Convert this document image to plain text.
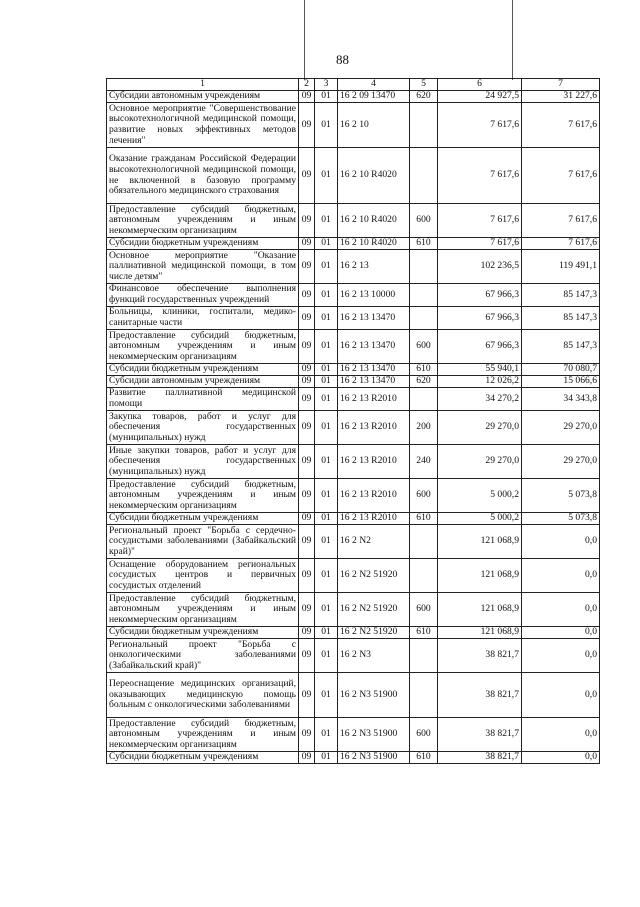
88
1	2	3	4	5	6	7
Субсидии автономным учреждениям	09	01	16 2 09 13470	620	24 927,5	31 227,6
Основное мероприятие "Совершенствование высокотехнологичной медицинской помощи, развитие новых эффективных методов лечения"	09	01	16 2 10		7 617,6	7 617,6
Оказание гражданам Российской Федерации высокотехнологичной медицинской помощи, не включенной в базовую программу обязательного медицинского страхования	09	01	16 2 10 R4020		7 617,6	7 617,6
Предоставление субсидий бюджетным, автономным учреждениям и иным некоммерческим организациям	09	01	16 2 10 R4020	600	7 617,6	7 617,6
Субсидии бюджетным учреждениям	09	01	16 2 10 R4020	610	7 617,6	7 617,6
Основное мероприятие "Оказание паллиативной медицинской помощи, в том числе детям"	09	01	16 2 13		102 236,5	119 491,1
Финансовое обеспечение выполнения функций государственных учреждений	09	01	16 2 13 10000		67 966,3	85 147,3
Больницы, клиники, госпитали, медико-санитарные части	09	01	16 2 13 13470		67 966,3	85 147,3
Предоставление субсидий бюджетным, автономным учреждениям и иным некоммерческим организациям	09	01	16 2 13 13470	600	67 966,3	85 147,3
Субсидии бюджетным учреждениям	09	01	16 2 13 13470	610	55 940,1	70 080,7
Субсидии автономным учреждениям	09	01	16 2 13 13470	620	12 026,2	15 066,6
Развитие паллиативной медицинской помощи	09	01	16 2 13 R2010		34 270,2	34 343,8
Закупка товаров, работ и услуг для обеспечения государственных (муниципальных) нужд	09	01	16 2 13 R2010	200	29 270,0	29 270,0
Иные закупки товаров, работ и услуг для обеспечения государственных (муниципальных) нужд	09	01	16 2 13 R2010	240	29 270,0	29 270,0
Предоставление субсидий бюджетным, автономным учреждениям и иным некоммерческим организациям	09	01	16 2 13 R2010	600	5 000,2	5 073,8
Субсидии бюджетным учреждениям	09	01	16 2 13 R2010	610	5 000,2	5 073,8
Региональный проект "Борьба с сердечно-сосудистыми заболеваниями (Забайкальский край)"	09	01	16 2 N2		121 068,9	0,0
Оснащение оборудованием региональных сосудистых центров и первичных сосудистых отделений	09	01	16 2 N2 51920		121 068,9	0,0
Предоставление субсидий бюджетным, автономным учреждениям и иным некоммерческим организациям	09	01	16 2 N2 51920	600	121 068,9	0,0
Субсидии бюджетным учреждениям	09	01	16 2 N2 51920	610	121 068,9	0,0
Региональный проект "Борьба с онкологическими заболеваниями (Забайкальский край)"	09	01	16 2 N3		38 821,7	0,0
Переоснащение медицинских организаций, оказывающих медицинскую помощь больным с онкологическими заболеваниями	09	01	16 2 N3 51900		38 821,7	0,0
Предоставление субсидий бюджетным, автономным учреждениям и иным некоммерческим организациям	09	01	16 2 N3 51900	600	38 821,7	0,0
Субсидии бюджетным учреждениям	09	01	16 2 N3 51900	610	38 821,7	0,0
